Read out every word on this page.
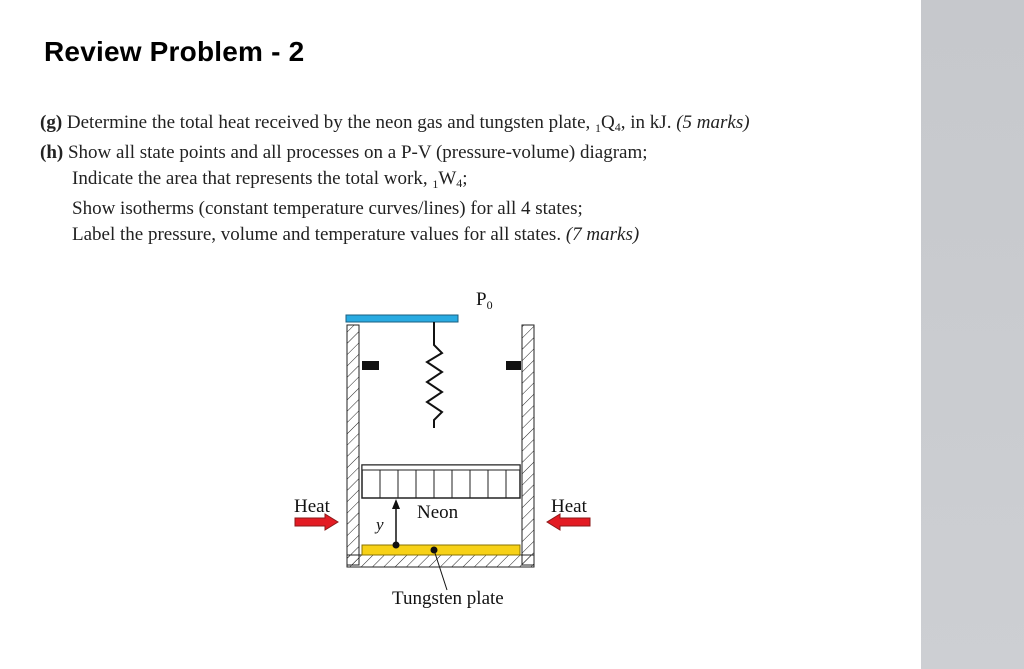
Review Problem - 2
(g) Determine the total heat received by the neon gas and tungsten plate, $_1Q_4$, in kJ. (5 marks)
(h) Show all state points and all processes on a P-V (pressure-volume) diagram;
Indicate the area that represents the total work, $_1W_4$;
Show isotherms (constant temperature curves/lines) for all 4 states;
Label the pressure, volume and temperature values for all states. (7 marks)
$P_0$
y
Neon
Heat	Heat
Tungsten plate
